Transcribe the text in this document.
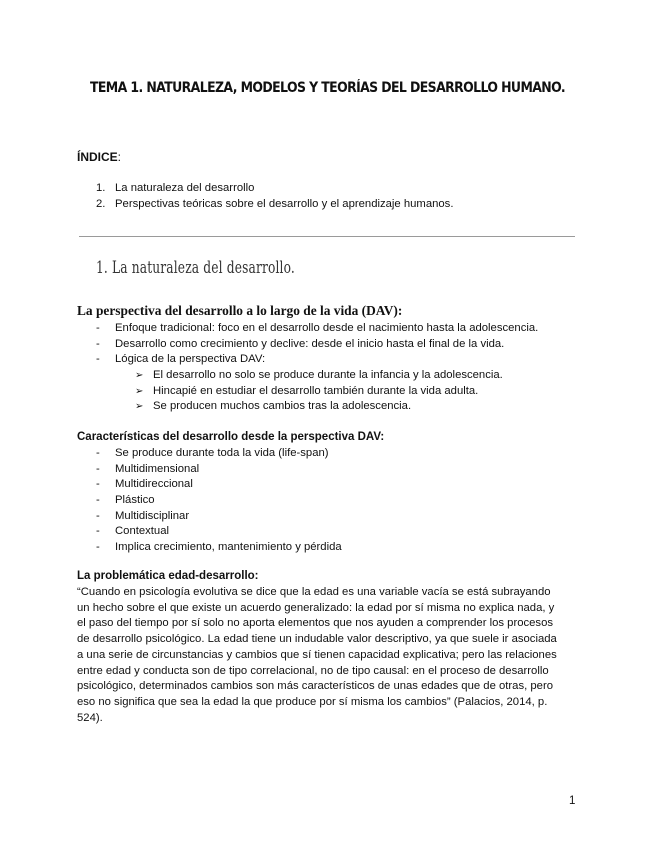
TEMA 1. NATURALEZA, MODELOS Y TEORÍAS DEL DESARROLLO HUMANO.
ÍNDICE:
1. La naturaleza del desarrollo
2. Perspectivas teóricas sobre el desarrollo y el aprendizaje humanos.
1. La naturaleza del desarrollo.
La perspectiva del desarrollo a lo largo de la vida (DAV):
- Enfoque tradicional: foco en el desarrollo desde el nacimiento hasta la adolescencia.
- Desarrollo como crecimiento y declive: desde el inicio hasta el final de la vida.
- Lógica de la perspectiva DAV:
➢ El desarrollo no solo se produce durante la infancia y la adolescencia.
➢ Hincapié en estudiar el desarrollo también durante la vida adulta.
➢ Se producen muchos cambios tras la adolescencia.
Características del desarrollo desde la perspectiva DAV:
- Se produce durante toda la vida (life-span)
- Multidimensional
- Multidireccional
- Plástico
- Multidisciplinar
- Contextual
- Implica crecimiento, mantenimiento y pérdida
La problemática edad-desarrollo:
“Cuando en psicología evolutiva se dice que la edad es una variable vacía se está subrayando
un hecho sobre el que existe un acuerdo generalizado: la edad por sí misma no explica nada, y
el paso del tiempo por sí solo no aporta elementos que nos ayuden a comprender los procesos
de desarrollo psicológico. La edad tiene un indudable valor descriptivo, ya que suele ir asociada
a una serie de circunstancias y cambios que sí tienen capacidad explicativa; pero las relaciones
entre edad y conducta son de tipo correlacional, no de tipo causal: en el proceso de desarrollo
psicológico, determinados cambios son más característicos de unas edades que de otras, pero
eso no significa que sea la edad la que produce por sí misma los cambios” (Palacios, 2014, p.
524).
1
